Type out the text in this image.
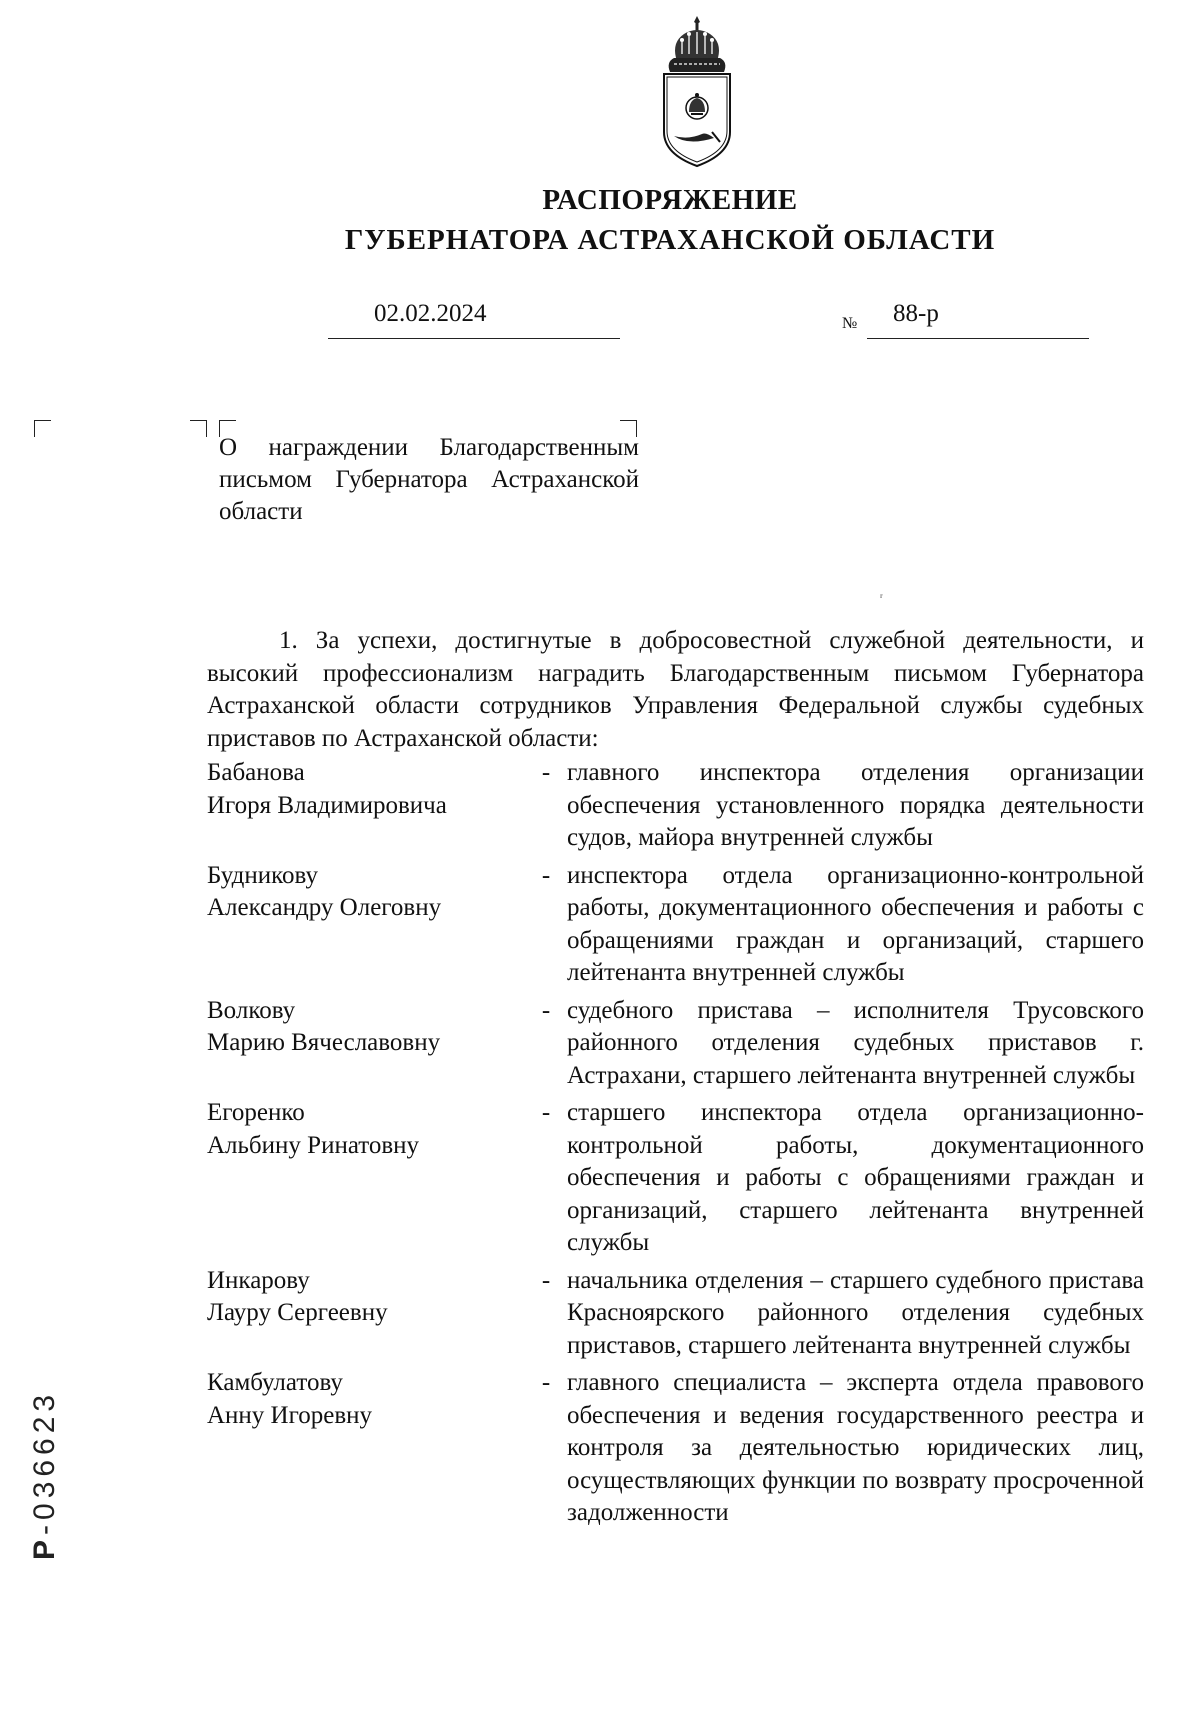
РАСПОРЯЖЕНИЕ
ГУБЕРНАТОРА АСТРАХАНСКОЙ ОБЛАСТИ
02.02.2024	№ 88-р
О награждении Благодарственным письмом Губернатора Астраханской области
ᵣ
1. За успехи, достигнутые в добросовестной служебной деятельности, и высокий профессионализм наградить Благодарственным письмом Губернатора Астраханской области сотрудников Управления Федеральной службы судебных приставов по Астраханской области:
Бабанова
Игоря Владимировича
- главного инспектора отделения организации обеспечения установленного порядка деятельности судов, майора внутренней службы
Будникову
Александру Олеговну
- инспектора отдела организационно-контрольной работы, документационного обеспечения и работы с обращениями граждан и организаций, старшего лейтенанта внутренней службы
Волкову
Марию Вячеславовну
- судебного пристава – исполнителя Трусовского районного отделения судебных приставов г. Астрахани, старшего лейтенанта внутренней службы
Егоренко
Альбину Ринатовну
- старшего инспектора отдела организационно-контрольной работы, документационного обеспечения и работы с обращениями граждан и организаций, старшего лейтенанта внутренней службы
Инкарову
Лауру Сергеевну
- начальника отделения – старшего судебного пристава Красноярского районного отделения судебных приставов, старшего лейтенанта внутренней службы
Камбулатову
Анну Игоревну
- главного специалиста – эксперта отдела правового обеспечения и ведения государственного реестра и контроля за деятельностью юридических лиц, осуществляющих функции по возврату просроченной задолженности
Р-036623
